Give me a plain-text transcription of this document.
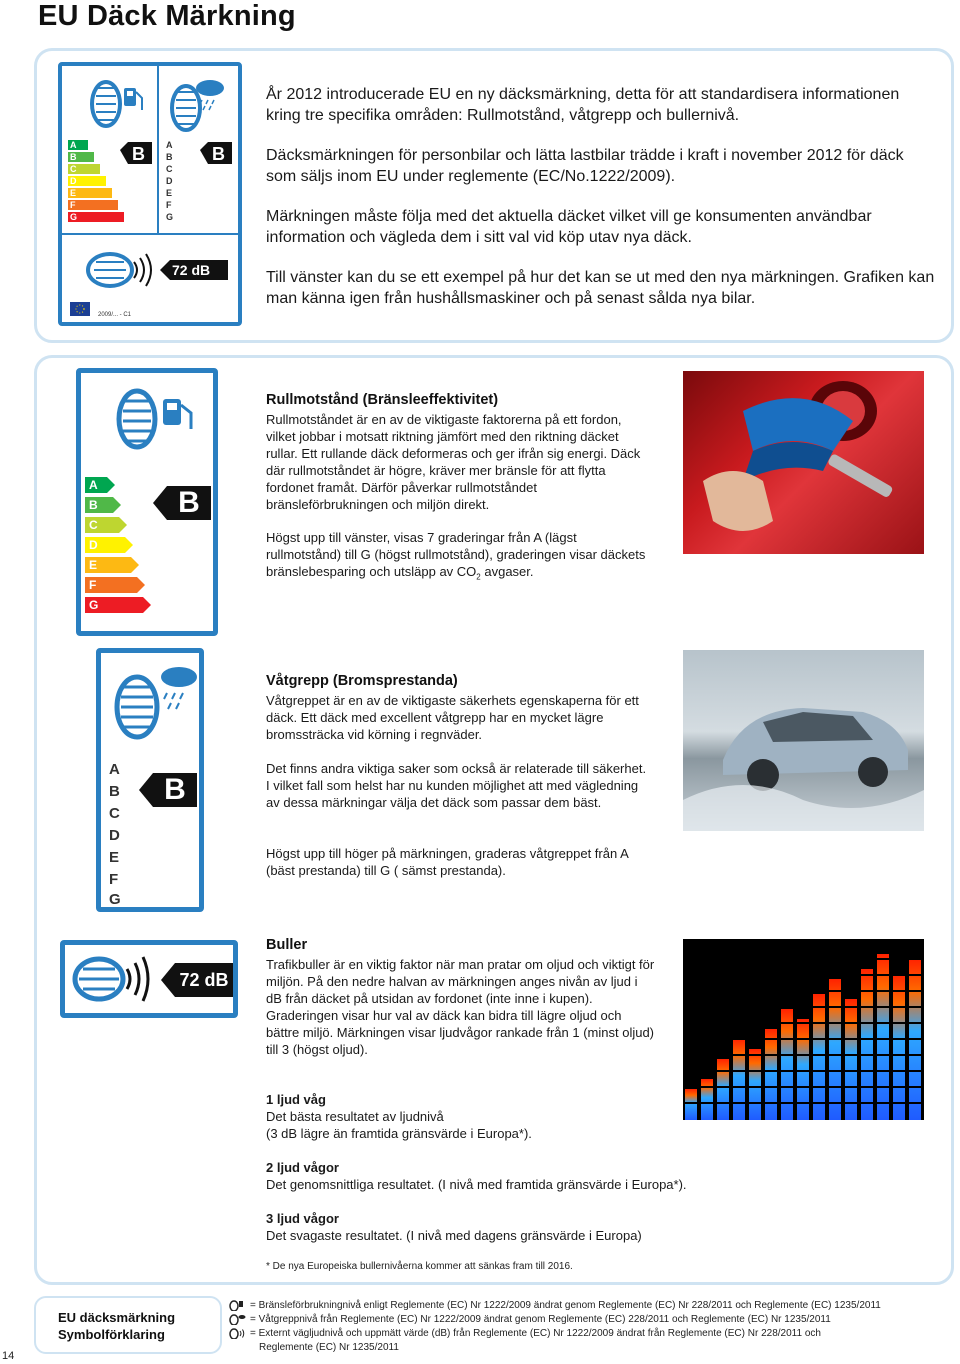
EU Däck Märkning
A
B
C
D
E
F
G
B A
B
C
D
E
F
G
B
72 dB
2009/... - C1

År 2012 introducerade EU en ny däcksmärkning, detta för att standardisera informationen kring tre specifika områden: Rullmotstånd, våtgrepp och bullernivå.

Däcksmärkningen för personbilar och lätta lastbilar trädde i kraft i november 2012 för däck som säljs inom EU under reglemente (EC/No.1222/2009).

Märkningen måste följa med det aktuella däcket vilket vill ge konsumenten användbar information och vägleda dem i sitt val vid köp utav nya däck.

Till vänster kan du se ett exempel på hur det kan se ut med den nya märkningen. Grafiken kan man känna igen från hushållsmaskiner och på senast sålda nya bilar.

A
B
C
D
E
F
G
B
Rullmotstånd (Bränsleeffektivitet)
Rullmotståndet är en av de viktigaste faktorerna på ett fordon, vilket jobbar i motsatt riktning jämfört med den riktning däcket rullar. Ett rullande däck deformeras och ger ifrån sig energi. Däck där rullmotståndet är högre, kräver mer bränsle för att flytta fordonet framåt. Därför påverkar rullmotståndet bränsleförbrukningen och miljön direkt.
Högst upp till vänster, visas 7 graderingar från A (lägst rullmotstånd) till G (högst rullmotstånd), graderingen visar däckets bränslebesparing och utsläpp av $CO_2$ avgaser.
A
B
C
D
E
F
G
B
Våtgrepp (Bromsprestanda)
Våtgreppet är en av de viktigaste säkerhets egenskaperna för ett däck. Ett däck med excellent våtgrepp har en mycket lägre bromssträcka vid körning i regnväder.
Det finns andra viktiga saker som också är relaterade till säkerhet. I vilket fall som helst har nu kunden möjlighet att med vägledning av dessa märkningar välja det däck som passar dem bäst.
Högst upp till höger på märkningen, graderas våtgreppet från A (bäst prestanda) till G ( sämst prestanda).
72 dB
Buller
Trafikbuller är en viktig faktor när man pratar om oljud och viktigt för miljön. På den nedre halvan av märkningen anges nivån av ljud i dB från däcket på utsidan av fordonet (inte inne i kupen). Graderingen visar hur val av däck kan bidra till lägre oljud och bättre miljö. Märkningen visar ljudvågor rankade från 1 (minst oljud) till 3 (högst oljud).
1 ljud våg
Det bästa resultatet av ljudnivå
(3 dB lägre än framtida gränsvärde i Europa*).
2 ljud vågor
Det genomsnittliga resultatet. (I nivå med framtida gränsvärde i Europa*).
3 ljud vågor
Det svagaste resultatet. (I nivå med dagens gränsvärde i Europa)
* De nya Europeiska bullernivåerna kommer att sänkas fram till 2016.
EU däcksmärkning
Symbolförklaring
= Bränsleförbrukningnivå enligt Reglemente (EC) Nr 1222/2009 ändrat genom Reglemente (EC) Nr 228/2011 och Reglemente (EC) 1235/2011
= Våtgreppnivå från Reglemente (EC) Nr 1222/2009 ändrat genom Reglemente (EC) 228/2011 och Reglemente (EC) Nr 1235/2011
= Externt vägljudnivå och uppmätt värde (dB) från Reglemente (EC) Nr 1222/2009 ändrat från Reglemente (EC) Nr 228/2011 och
Reglemente (EC) Nr 1235/2011
14
